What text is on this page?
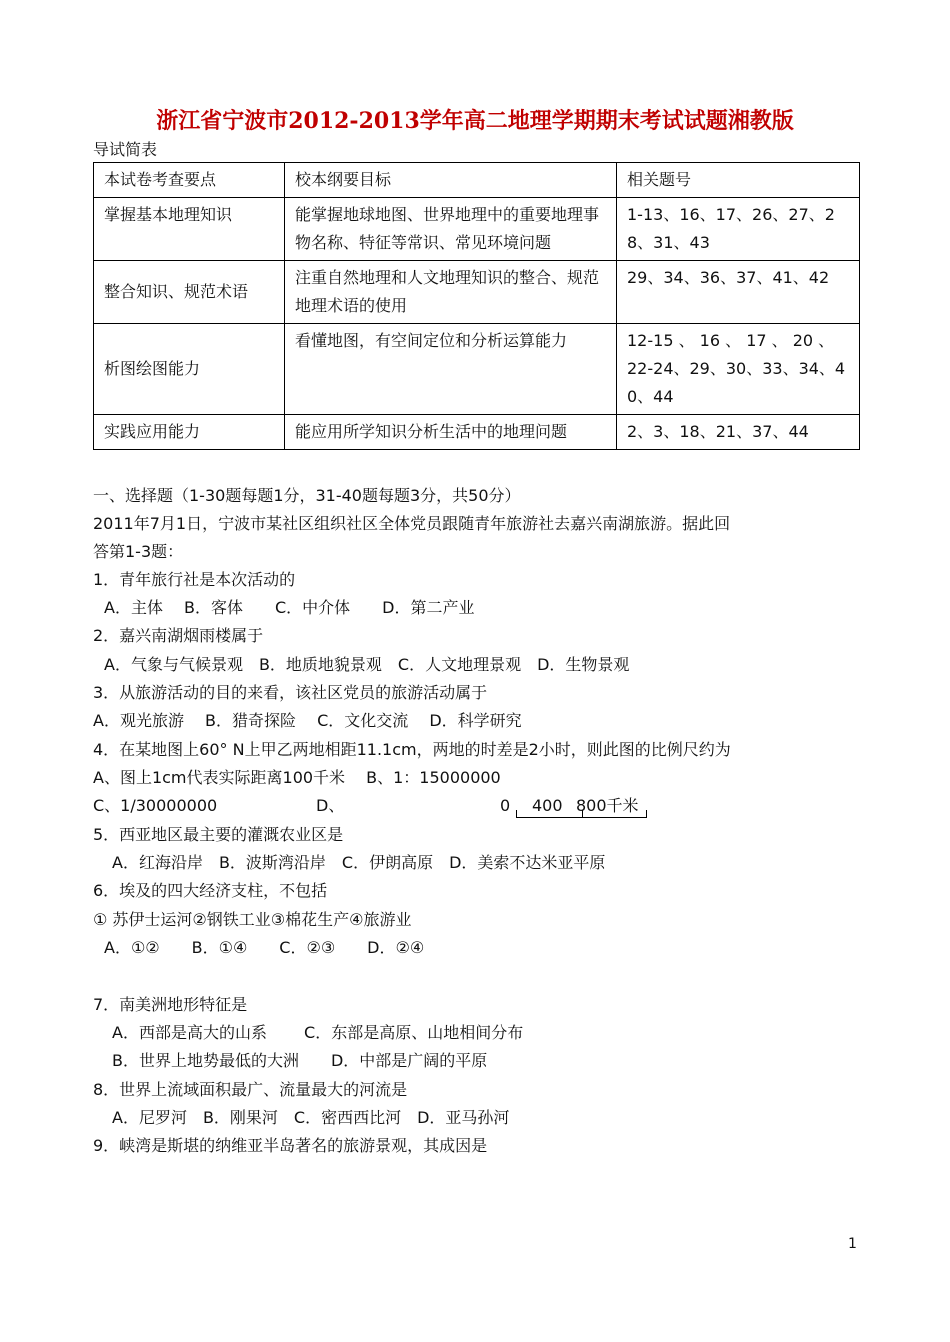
浙江省宁波市2012-2013学年高二地理学期期末考试试题湘教版
导试简表
本试卷考查要点	校本纲要目标	相关题号
掌握基本地理知识	能掌握地球地图、世界地理中的重要地理事物名称、特征等常识、常见环境问题	1-13、16、17、26、27、28、31、43
整合知识、规范术语	注重自然地理和人文地理知识的整合、规范地理术语的使用	29、34、36、37、41、42
析图绘图能力	看懂地图，有空间定位和分析运算能力	12-15 、 16 、 17 、 20 、 22-24、29、30、33、34、40、44
实践应用能力	能应用所学知识分析生活中的地理问题	2、3、18、21、37、44
一、选择题（1-30题每题1分，31-40题每题3分，共50分）
2011年7月1日，宁波市某社区组织社区全体党员跟随青年旅游社去嘉兴南湖旅游。据此回
答第1-3题：
1．青年旅行社是本次活动的
A．主体　 B．客体　　C．中介体　　D．第二产业
2．嘉兴南湖烟雨楼属于
A．气象与气候景观　B．地质地貌景观　C．人文地理景观　D．生物景观
3．从旅游活动的目的来看，该社区党员的旅游活动属于
A．观光旅游　 B．猎奇探险　 C．文化交流　 D．科学研究
4．在某地图上60° N上甲乙两地相距11.1cm，两地的时差是2小时，则此图的比例尺约为
A、图上1cm代表实际距离100千米　 B、1：15000000
C、1/30000000	D、	0 400 800千米
5．西亚地区最主要的灌溉农业区是
A．红海沿岸　B．波斯湾沿岸　C．伊朗高原　D．美索不达米亚平原
6．埃及的四大经济支柱，不包括
① 苏伊士运河②钢铁工业③棉花生产④旅游业
A．①②　　B．①④　　C．②③　　D．②④
7．南美洲地形特征是
A．西部是高大的山系　　 C．东部是高原、山地相间分布
B．世界上地势最低的大洲　　D．中部是广阔的平原
8．世界上流域面积最广、流量最大的河流是
A．尼罗河　B．刚果河　C．密西西比河　D．亚马孙河
9．峡湾是斯堪的纳维亚半岛著名的旅游景观，其成因是
1
